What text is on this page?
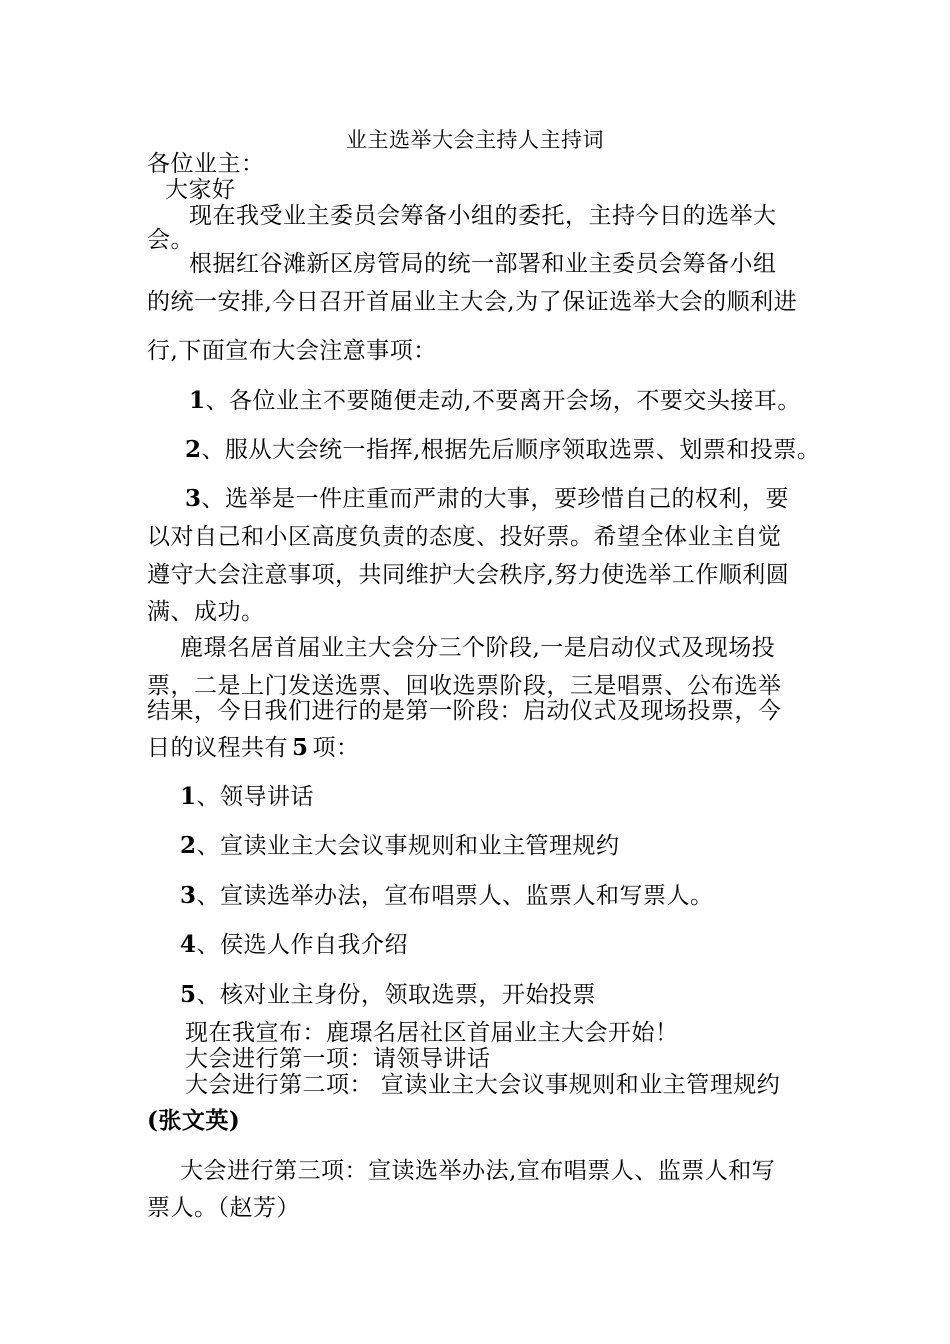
业主选举大会主持人主持词
各位业主：
大家好
现在我受业主委员会筹备小组的委托，主持今日的选举大
会。
根据红谷滩新区房管局的统一部署和业主委员会筹备小组
的统一安排,今日召开首届业主大会,为了保证选举大会的顺利进
行,下面宣布大会注意事项：
1、各位业主不要随便走动,不要离开会场，不要交头接耳。
2、服从大会统一指挥,根据先后顺序领取选票、划票和投票。
3、选举是一件庄重而严肃的大事，要珍惜自己的权利，要
以对自己和小区高度负责的态度、投好票。希望全体业主自觉
遵守大会注意事项，共同维护大会秩序,努力使选举工作顺利圆
满、成功。
鹿璟名居首届业主大会分三个阶段,一是启动仪式及现场投
票，二是上门发送选票、回收选票阶段，三是唱票、公布选举
结果，今日我们进行的是第一阶段：启动仪式及现场投票，今
日的议程共有 5 项：
1、领导讲话
2、宣读业主大会议事规则和业主管理规约
3、宣读选举办法，宣布唱票人、监票人和写票人。
4、侯选人作自我介绍
5、核对业主身份，领取选票，开始投票
现在我宣布：鹿璟名居社区首届业主大会开始！
大会进行第一项：请领导讲话
大会进行第二项： 宣读业主大会议事规则和业主管理规约
(张文英)
大会进行第三项：宣读选举办法,宣布唱票人、监票人和写
票人。（赵芳）
